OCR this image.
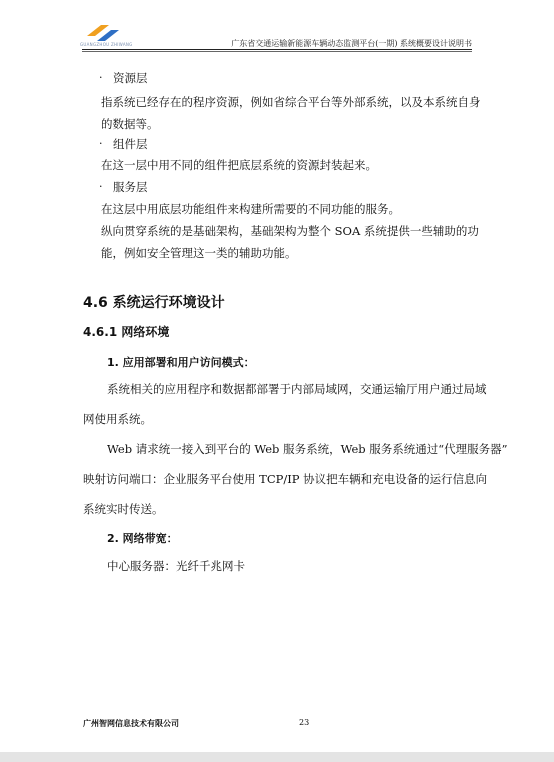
GUANGZHOU ZHIWANG	广东省交通运输新能源车辆动态监测平台(一期) 系统概要设计说明书
· 资源层
指系统已经存在的程序资源，例如省综合平台等外部系统，以及本系统自身
的数据等。
· 组件层
在这一层中用不同的组件把底层系统的资源封装起来。
· 服务层
在这层中用底层功能组件来构建所需要的不同功能的服务。
纵向贯穿系统的是基础架构，基础架构为整个 SOA 系统提供一些辅助的功
能，例如安全管理这一类的辅助功能。
4.6 系统运行环境设计
4.6.1 网络环境
1. 应用部署和用户访问模式：
系统相关的应用程序和数据都部署于内部局域网，交通运输厅用户通过局域
网使用系统。
Web 请求统一接入到平台的 Web 服务系统，Web 服务系统通过“代理服务器”
映射访问端口：企业服务平台使用 TCP/IP 协议把车辆和充电设备的运行信息向
系统实时传送。
2. 网络带宽：
中心服务器：光纤千兆网卡
广州智网信息技术有限公司	23
